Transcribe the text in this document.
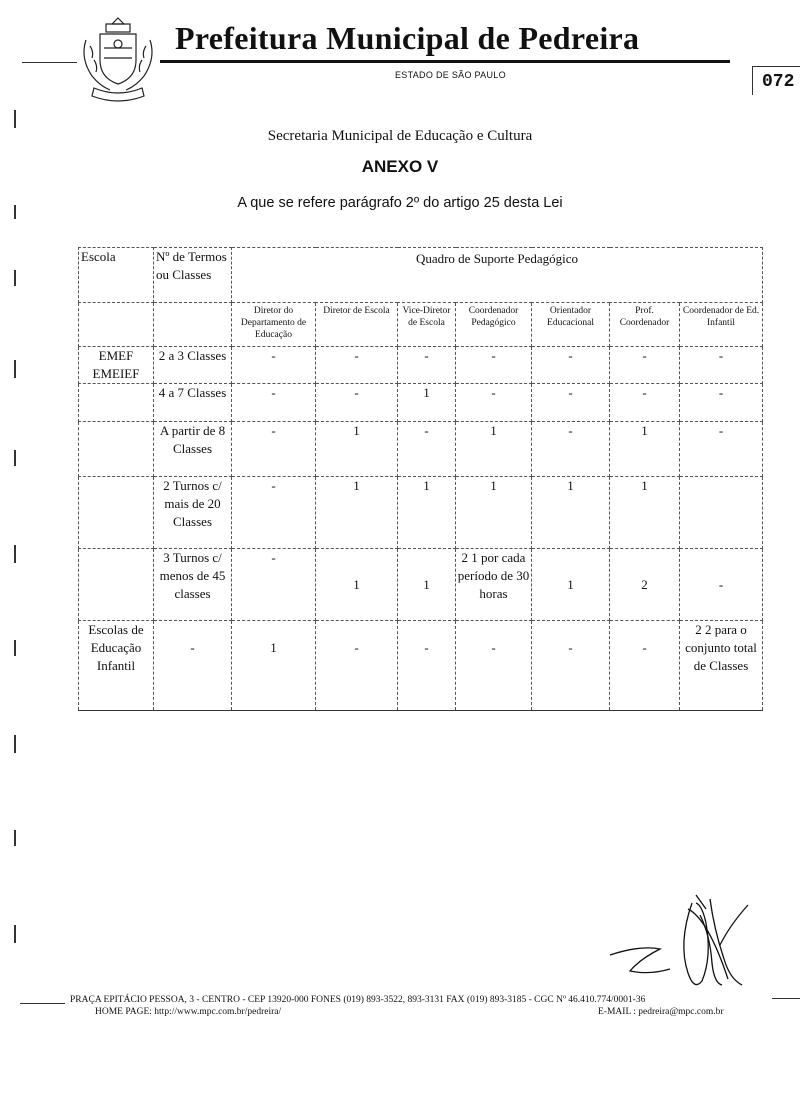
Prefeitura Municipal de Pedreira
ESTADO DE SÃO PAULO	072
Secretaria Municipal de Educação e Cultura
ANEXO V
A que se refere parágrafo 2º do artigo 25 desta Lei
Escola	Nº de Termos ou Classes	Quadro de Suporte Pedagógico						
		Diretor do Departamento de Educação	Diretor de Escola	Vice-Diretor de Escola	Coordenador Pedagógico	Orientador Educacional	Prof. Coordenador	Coordenador de Ed. Infantil
EMEF EMEIEF	2 a 3 Classes	-	-	-	-	-	-	-
	4 a 7 Classes	-	-	1	-	-	-	-
	A partir de 8 Classes	-	1	-	1	-	1	-
	2 Turnos c/ mais de 20 Classes	-	1	1	1	1	1	
	3 Turnos c/ menos de 45 classes	-	1	1	2 1 por cada período de 30 horas	1	2	-
Escolas de Educação Infantil	-	1	-	-	-	-	-	2 2 para o conjunto total de Classes
PRAÇA EPITÁCIO PESSOA, 3 - CENTRO - CEP 13920-000 FONES (019) 893-3522, 893-3131 FAX (019) 893-3185 - CGC Nº 46.410.774/0001-36
HOME PAGE: http://www.mpc.com.br/pedreira/	E-MAIL : pedreira@mpc.com.br
